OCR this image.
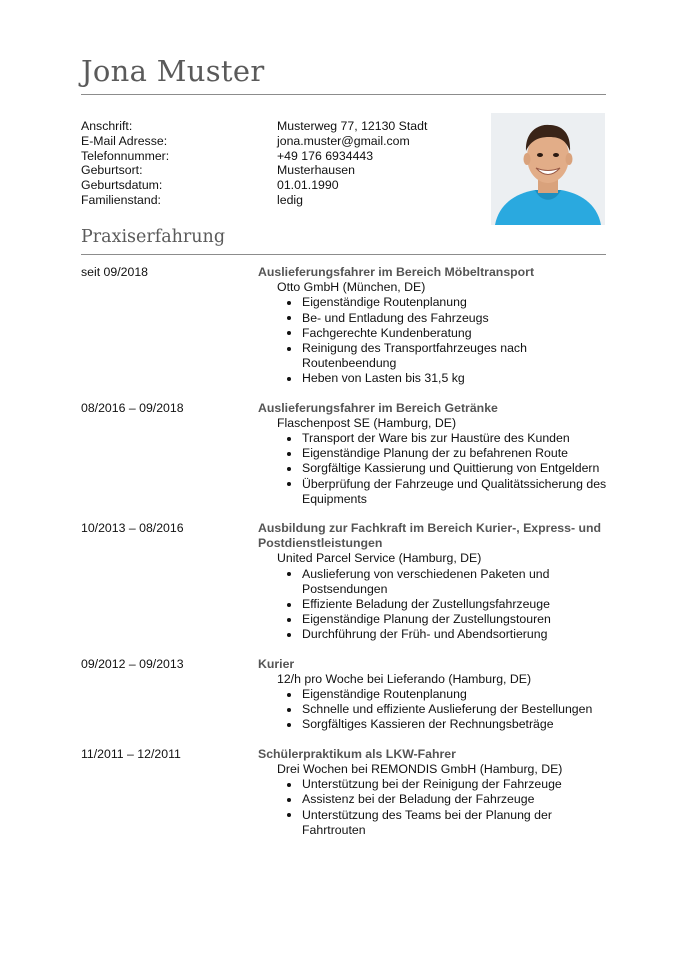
Jona Muster
Anschrift:	Musterweg 77, 12130 Stadt
E-Mail Adresse:	jona.muster@gmail.com
Telefonnummer:	+49 176 6934443
Geburtsort:	Musterhausen
Geburtsdatum:	01.01.1990
Familienstand:	ledig
Praxiserfahrung
seit 09/2018	Auslieferungsfahrer im Bereich Möbeltransport
Otto GmbH (München, DE)
Eigenständige Routenplanung
Be- und Entladung des Fahrzeugs
Fachgerechte Kundenberatung
Reinigung des Transportfahrzeuges nach Routenbeendung
Heben von Lasten bis 31,5 kg
08/2016 – 09/2018	Auslieferungsfahrer im Bereich Getränke
Flaschenpost SE (Hamburg, DE)
Transport der Ware bis zur Haustüre des Kunden
Eigenständige Planung der zu befahrenen Route
Sorgfältige Kassierung und Quittierung von Entgeldern
Überprüfung der Fahrzeuge und Qualitätssicherung des Equipments
10/2013 – 08/2016	Ausbildung zur Fachkraft im Bereich Kurier-, Express- und Postdienstleistungen
United Parcel Service (Hamburg, DE)
Auslieferung von verschiedenen Paketen und Postsendungen
Effiziente Beladung der Zustellungsfahrzeuge
Eigenständige Planung der Zustellungstouren
Durchführung der Früh- und Abendsortierung
09/2012 – 09/2013	Kurier
12/h pro Woche bei Lieferando (Hamburg, DE)
Eigenständige Routenplanung
Schnelle und effiziente Auslieferung der Bestellungen
Sorgfältiges Kassieren der Rechnungsbeträge
11/2011 – 12/2011	Schülerpraktikum als LKW-Fahrer
Drei Wochen bei REMONDIS GmbH (Hamburg, DE)
Unterstützung bei der Reinigung der Fahrzeuge
Assistenz bei der Beladung der Fahrzeuge
Unterstützung des Teams bei der Planung der Fahrtrouten
